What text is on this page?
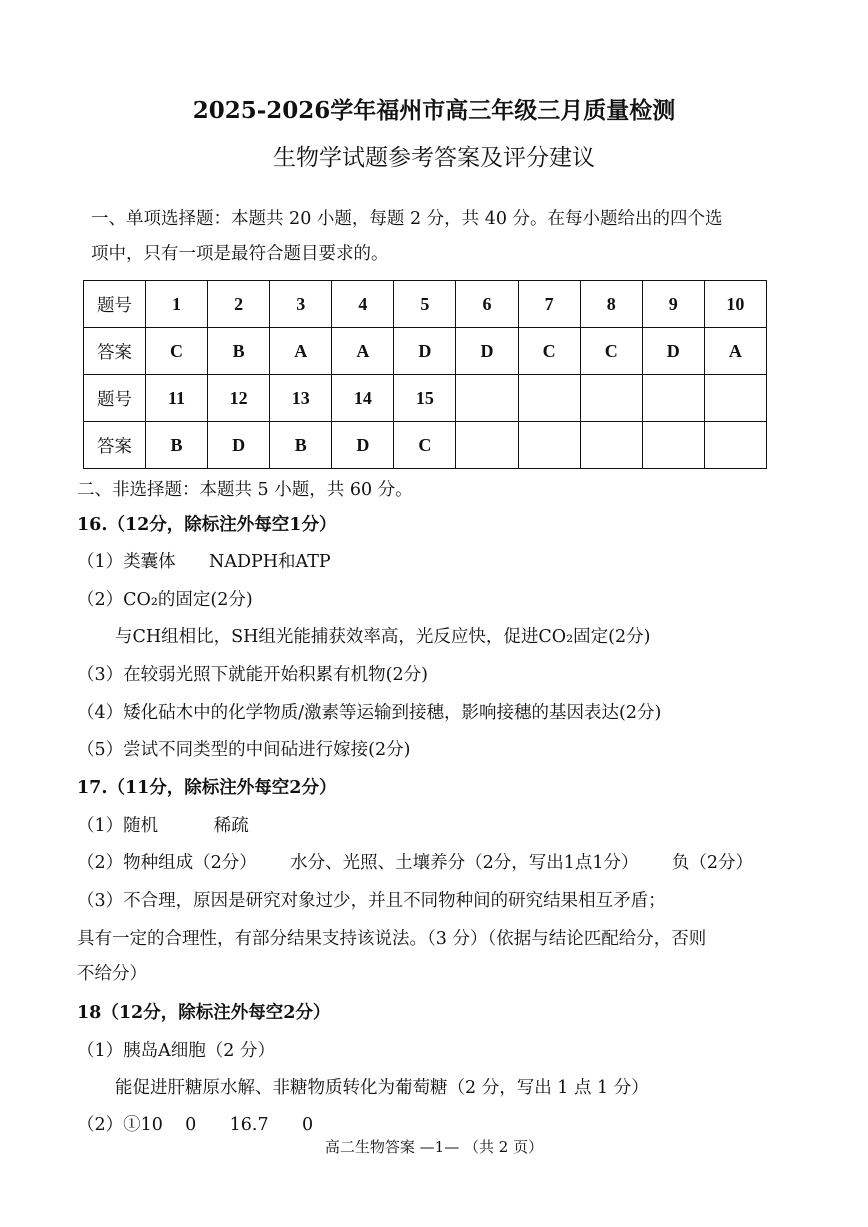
2025-2026学年福州市高三年级三月质量检测
生物学试题参考答案及评分建议
一、单项选择题：本题共 20 小题，每题 2 分，共 40 分。在每小题给出的四个选
项中，只有一项是最符合题目要求的。
题号	1	2	3	4	5	6	7	8	9	10
答案	C	B	A	A	D	D	C	C	D	A
题号	11	12	13	14	15					
答案	B	D	B	D	C					
二、非选择题：本题共 5 小题，共 60 分。
16.（12分，除标注外每空1分）
（1）类囊体      NADPH和ATP
（2）CO₂的固定(2分)
与CH组相比，SH组光能捕获效率高，光反应快，促进CO₂固定(2分)
（3）在较弱光照下就能开始积累有机物(2分)
（4）矮化砧木中的化学物质/激素等运输到接穗，影响接穗的基因表达(2分)
（5）尝试不同类型的中间砧进行嫁接(2分)
17.（11分，除标注外每空2分）
（1）随机          稀疏
（2）物种组成（2分）      水分、光照、土壤养分（2分，写出1点1分）      负（2分）
（3）不合理，原因是研究对象过少，并且不同物种间的研究结果相互矛盾；
具有一定的合理性，有部分结果支持该说法。（3 分）（依据与结论匹配给分，否则
不给分）
18（12分，除标注外每空2分）
（1）胰岛A细胞（2 分）
能促进肝糖原水解、非糖物质转化为葡萄糖（2 分，写出 1 点 1 分）
（2）①10    0      16.7      0
高二生物答案 —1— （共 2 页）
